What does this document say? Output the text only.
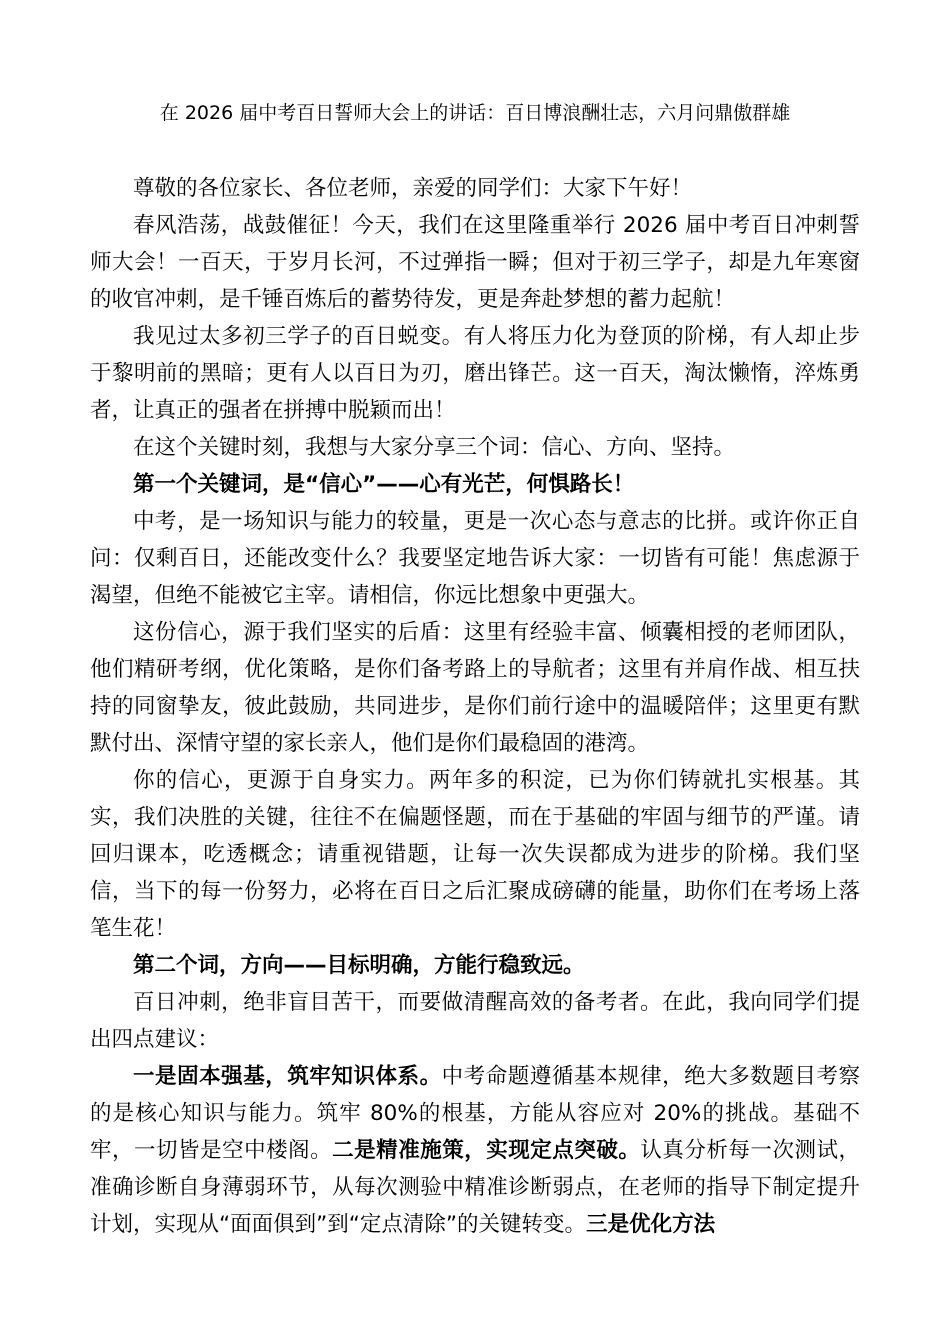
在 2026 届中考百日誓师大会上的讲话：百日博浪酬壮志，六月问鼎傲群雄

尊敬的各位家长、各位老师，亲爱的同学们：大家下午好！

春风浩荡，战鼓催征！今天，我们在这里隆重举行 2026 届中考百日冲刺誓师大会！一百天，于岁月长河，不过弹指一瞬；但对于初三学子，却是九年寒窗的收官冲刺，是千锤百炼后的蓄势待发，更是奔赴梦想的蓄力起航！

我见过太多初三学子的百日蜕变。有人将压力化为登顶的阶梯，有人却止步于黎明前的黑暗；更有人以百日为刃，磨出锋芒。这一百天，淘汰懒惰，淬炼勇者，让真正的强者在拼搏中脱颖而出！

在这个关键时刻，我想与大家分享三个词：信心、方向、坚持。

第一个关键词，是“信心”——心有光芒，何惧路长！

中考，是一场知识与能力的较量，更是一次心态与意志的比拼。或许你正自问：仅剩百日，还能改变什么？我要坚定地告诉大家：一切皆有可能！焦虑源于渴望，但绝不能被它主宰。请相信，你远比想象中更强大。

这份信心，源于我们坚实的后盾：这里有经验丰富、倾囊相授的老师团队，他们精研考纲，优化策略，是你们备考路上的导航者；这里有并肩作战、相互扶持的同窗挚友，彼此鼓励，共同进步，是你们前行途中的温暖陪伴；这里更有默默付出、深情守望的家长亲人，他们是你们最稳固的港湾。

你的信心，更源于自身实力。两年多的积淀，已为你们铸就扎实根基。其实，我们决胜的关键，往往不在偏题怪题，而在于基础的牢固与细节的严谨。请回归课本，吃透概念；请重视错题，让每一次失误都成为进步的阶梯。我们坚信，当下的每一份努力，必将在百日之后汇聚成磅礴的能量，助你们在考场上落笔生花！

第二个词，方向——目标明确，方能行稳致远。

百日冲刺，绝非盲目苦干，而要做清醒高效的备考者。在此，我向同学们提出四点建议：

一是固本强基，筑牢知识体系。中考命题遵循基本规律，绝大多数题目考察的是核心知识与能力。筑牢 80%的根基，方能从容应对 20%的挑战。基础不牢，一切皆是空中楼阁。二是精准施策，实现定点突破。认真分析每一次测试，准确诊断自身薄弱环节，从每次测验中精准诊断弱点，在老师的指导下制定提升计划，实现从“面面俱到”到“定点清除”的关键转变。三是优化方法
